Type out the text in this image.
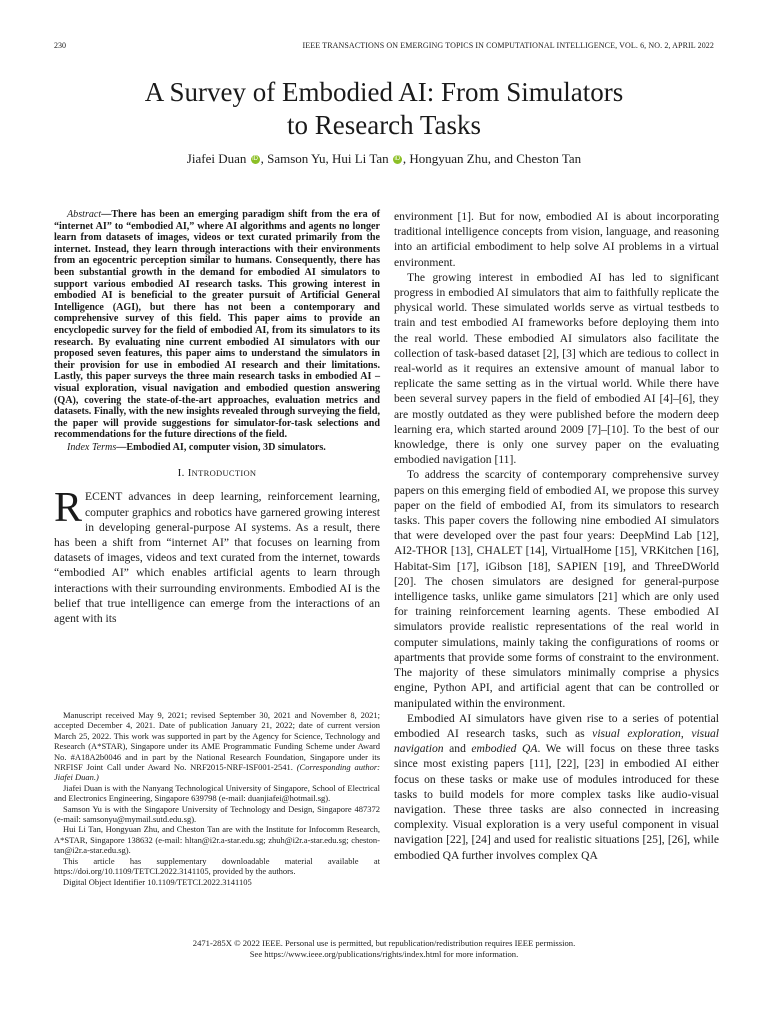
230	IEEE TRANSACTIONS ON EMERGING TOPICS IN COMPUTATIONAL INTELLIGENCE, VOL. 6, NO. 2, APRIL 2022
A Survey of Embodied AI: From Simulators
to Research Tasks
Jiafei Duan iD , Samson Yu, Hui Li Tan iD , Hongyuan Zhu, and Cheston Tan

Abstract—There has been an emerging paradigm shift from the era of “internet AI” to “embodied AI,” where AI algorithms and agents no longer learn from datasets of images, videos or text curated primarily from the internet. Instead, they learn through interactions with their environments from an egocentric perception similar to humans. Consequently, there has been substantial growth in the demand for embodied AI simulators to support various embodied AI research tasks. This growing interest in embodied AI is beneficial to the greater pursuit of Artificial General Intelligence (AGI), but there has not been a contemporary and comprehensive survey of this field. This paper aims to provide an encyclopedic survey for the field of embodied AI, from its simulators to its research. By evaluating nine current embodied AI simulators with our proposed seven features, this paper aims to understand the simulators in their provision for use in embodied AI research and their limitations. Lastly, this paper surveys the three main research tasks in embodied AI – visual exploration, visual navigation and embodied question answering (QA), covering the state-of-the-art approaches, evaluation metrics and datasets. Finally, with the new insights revealed through surveying the field, the paper will provide suggestions for simulator-for-task selections and recommendations for the future directions of the field.

Index Terms—Embodied AI, computer vision, 3D simulators.

I. INTRODUCTION

RECENT advances in deep learning, reinforcement learning, computer graphics and robotics have garnered growing interest in developing general-purpose AI systems. As a result, there has been a shift from “internet AI” that focuses on learning from datasets of images, videos and text curated from the internet, towards “embodied AI” which enables artificial agents to learn through interactions with their surrounding environments. Embodied AI is the belief that true intelligence can emerge from the interactions of an agent with its

Manuscript received May 9, 2021; revised September 30, 2021 and November 8, 2021; accepted December 4, 2021. Date of publication January 21, 2022; date of current version March 25, 2022. This work was supported in part by the Agency for Science, Technology and Research (A*STAR), Singapore under its AME Programmatic Funding Scheme under Award No. #A18A2b0046 and in part by the National Research Foundation, Singapore under its NRFISF Joint Call under Award No. NRF2015-NRF-ISF001-2541. (Corresponding author: Jiafei Duan.)

Jiafei Duan is with the Nanyang Technological University of Singapore, School of Electrical and Electronics Engineering, Singapore 639798 (e-mail: duanjiafei@hotmail.sg).

Samson Yu is with the Singapore University of Technology and Design, Singapore 487372 (e-mail: samsonyu@mymail.sutd.edu.sg).

Hui Li Tan, Hongyuan Zhu, and Cheston Tan are with the Institute for Infocomm Research, A*STAR, Singapore 138632 (e-mail: hltan@i2r.a-star.edu.sg; zhuh@i2r.a-star.edu.sg; cheston-tan@i2r.a-star.edu.sg).

This article has supplementary downloadable material available at https://doi.org/10.1109/TETCI.2022.3141105, provided by the authors.

Digital Object Identifier 10.1109/TETCI.2022.3141105

environment [1]. But for now, embodied AI is about incorporating traditional intelligence concepts from vision, language, and reasoning into an artificial embodiment to help solve AI problems in a virtual environment.

The growing interest in embodied AI has led to significant progress in embodied AI simulators that aim to faithfully replicate the physical world. These simulated worlds serve as virtual testbeds to train and test embodied AI frameworks before deploying them into the real world. These embodied AI simulators also facilitate the collection of task-based dataset [2], [3] which are tedious to collect in real-world as it requires an extensive amount of manual labor to replicate the same setting as in the virtual world. While there have been several survey papers in the field of embodied AI [4]–[6], they are mostly outdated as they were published before the modern deep learning era, which started around 2009 [7]–[10]. To the best of our knowledge, there is only one survey paper on the evaluating embodied navigation [11].

To address the scarcity of contemporary comprehensive survey papers on this emerging field of embodied AI, we propose this survey paper on the field of embodied AI, from its simulators to research tasks. This paper covers the following nine embodied AI simulators that were developed over the past four years: DeepMind Lab [12], AI2-THOR [13], CHALET [14], VirtualHome [15], VRKitchen [16], Habitat-Sim [17], iGibson [18], SAPIEN [19], and ThreeDWorld [20]. The chosen simulators are designed for general-purpose intelligence tasks, unlike game simulators [21] which are only used for training reinforcement learning agents. These embodied AI simulators provide realistic representations of the real world in computer simulations, mainly taking the configurations of rooms or apartments that provide some forms of constraint to the environment. The majority of these simulators minimally comprise a physics engine, Python API, and artificial agent that can be controlled or manipulated within the environment.

Embodied AI simulators have given rise to a series of potential embodied AI research tasks, such as visual exploration, visual navigation and embodied QA. We will focus on these three tasks since most existing papers [11], [22], [23] in embodied AI either focus on these tasks or make use of modules introduced for these tasks to build models for more complex tasks like audio-visual navigation. These three tasks are also connected in increasing complexity. Visual exploration is a very useful component in visual navigation [22], [24] and used for realistic situations [25], [26], while embodied QA further involves complex QA

2471-285X © 2022 IEEE. Personal use is permitted, but republication/redistribution requires IEEE permission.
See https://www.ieee.org/publications/rights/index.html for more information.
